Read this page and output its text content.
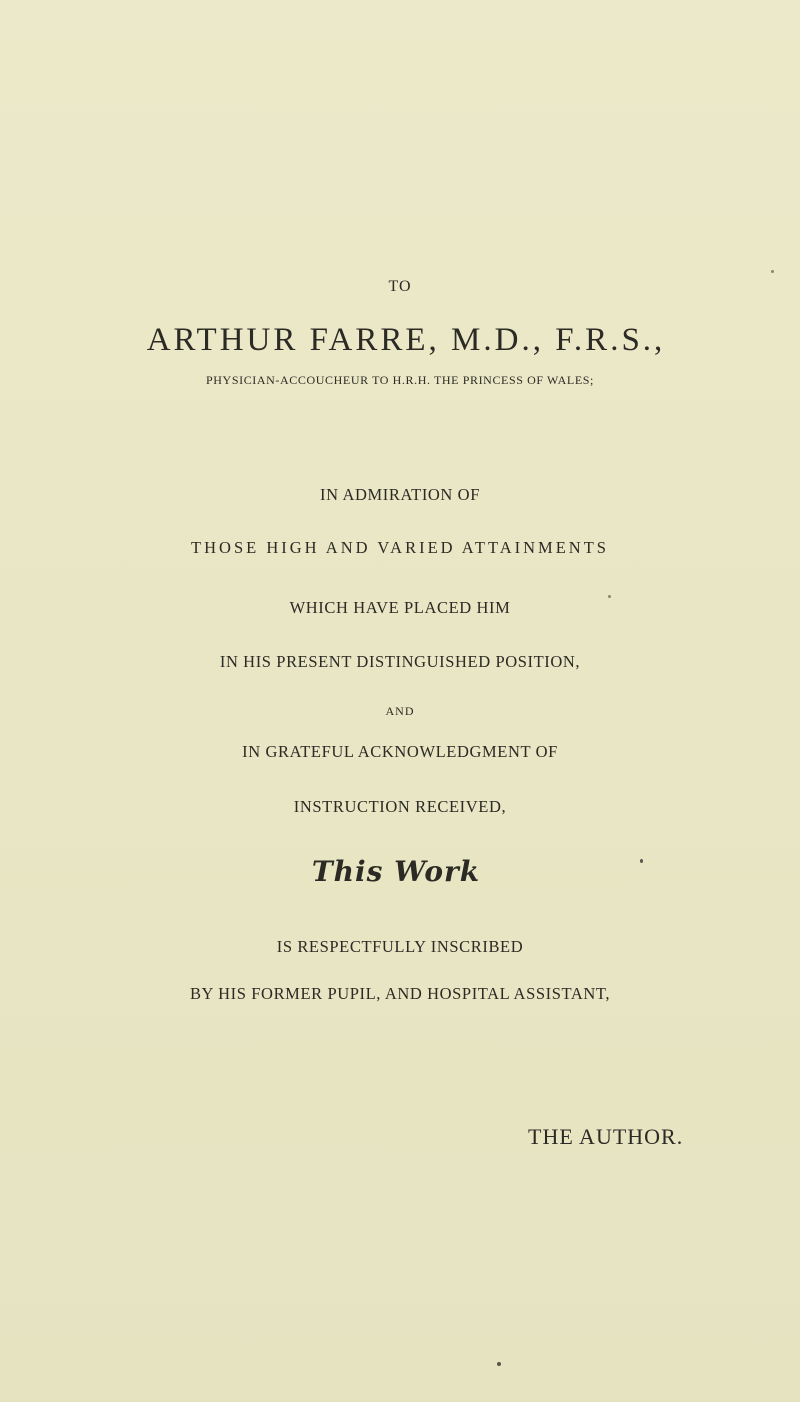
TO
ARTHUR FARRE, M.D., F.R.S.,
PHYSICIAN-ACCOUCHEUR TO H.R.H. THE PRINCESS OF WALES;
IN ADMIRATION OF
THOSE HIGH AND VARIED ATTAINMENTS
WHICH HAVE PLACED HIM
IN HIS PRESENT DISTINGUISHED POSITION,
AND
IN GRATEFUL ACKNOWLEDGMENT OF
INSTRUCTION RECEIVED,
This Work
IS RESPECTFULLY INSCRIBED
BY HIS FORMER PUPIL, AND HOSPITAL ASSISTANT,
THE AUTHOR.
